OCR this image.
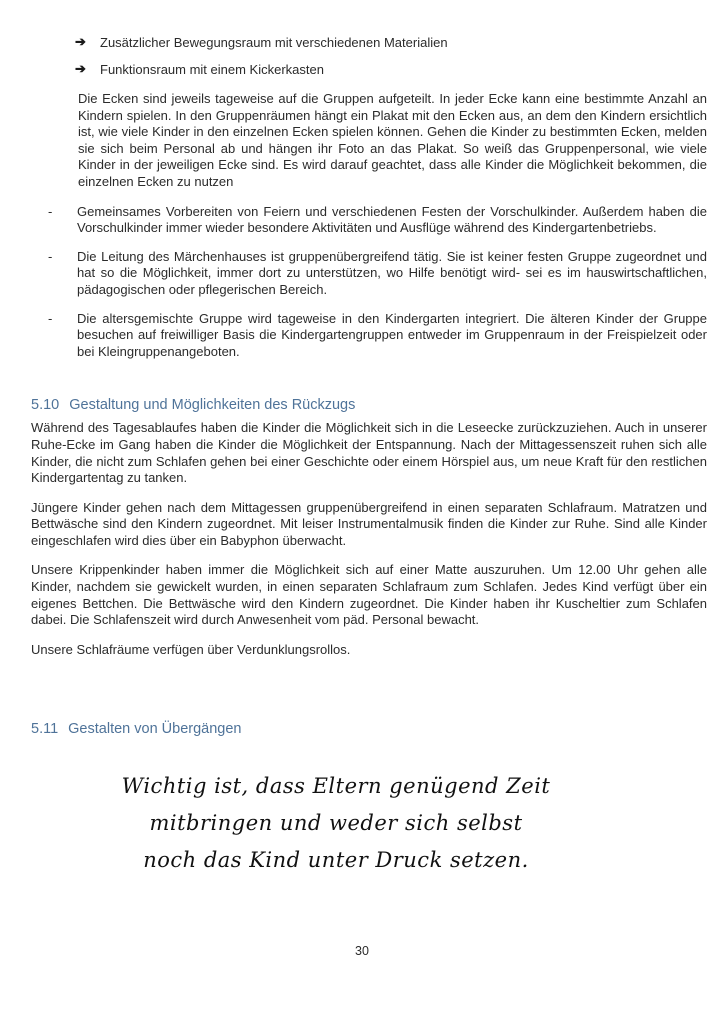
➔ Zusätzlicher Bewegungsraum mit verschiedenen Materialien
➔ Funktionsraum mit einem Kickerkasten

Die Ecken sind jeweils tageweise auf die Gruppen aufgeteilt. In jeder Ecke kann eine bestimmte Anzahl an Kindern spielen. In den Gruppenräumen hängt ein Plakat mit den Ecken aus, an dem den Kindern ersichtlich ist, wie viele Kinder in den einzelnen Ecken spielen können. Gehen die Kinder zu bestimmten Ecken, melden sie sich beim Personal ab und hängen ihr Foto an das Plakat. So weiß das Gruppenpersonal, wie viele Kinder in der jeweiligen Ecke sind. Es wird darauf geachtet, dass alle Kinder die Möglichkeit bekommen, die einzelnen Ecken zu nutzen

- Gemeinsames Vorbereiten von Feiern und verschiedenen Festen der Vorschulkinder. Außerdem haben die Vorschulkinder immer wieder besondere Aktivitäten und Ausflüge während des Kindergartenbetriebs.
- Die Leitung des Märchenhauses ist gruppenübergreifend tätig. Sie ist keiner festen Gruppe zugeordnet und hat so die Möglichkeit, immer dort zu unterstützen, wo Hilfe benötigt wird- sei es im hauswirtschaftlichen, pädagogischen oder pflegerischen Bereich.
- Die altersgemischte Gruppe wird tageweise in den Kindergarten integriert. Die älteren Kinder der Gruppe besuchen auf freiwilliger Basis die Kindergartengruppen entweder im Gruppenraum in der Freispielzeit oder bei Kleingruppenangeboten.
5.10 Gestaltung und Möglichkeiten des Rückzugs

Während des Tagesablaufes haben die Kinder die Möglichkeit sich in die Leseecke zurückzuziehen. Auch in unserer Ruhe-Ecke im Gang haben die Kinder die Möglichkeit der Entspannung. Nach der Mittagessenszeit ruhen sich alle Kinder, die nicht zum Schlafen gehen bei einer Geschichte oder einem Hörspiel aus, um neue Kraft für den restlichen Kindergartentag zu tanken.

Jüngere Kinder gehen nach dem Mittagessen gruppenübergreifend in einen separaten Schlafraum. Matratzen und Bettwäsche sind den Kindern zugeordnet. Mit leiser Instrumentalmusik finden die Kinder zur Ruhe. Sind alle Kinder eingeschlafen wird dies über ein Babyphon überwacht.

Unsere Krippenkinder haben immer die Möglichkeit sich auf einer Matte auszuruhen. Um 12.00 Uhr gehen alle Kinder, nachdem sie gewickelt wurden, in einen separaten Schlafraum zum Schlafen. Jedes Kind verfügt über ein eigenes Bettchen. Die Bettwäsche wird den Kindern zugeordnet. Die Kinder haben ihr Kuscheltier zum Schlafen dabei. Die Schlafenszeit wird durch Anwesenheit vom päd. Personal bewacht.

Unsere Schlafräume verfügen über Verdunklungsrollos.

5.11 Gestalten von Übergängen
Wichtig ist, dass Eltern genügend Zeit
mitbringen und weder sich selbst
noch das Kind unter Druck setzen.
30
